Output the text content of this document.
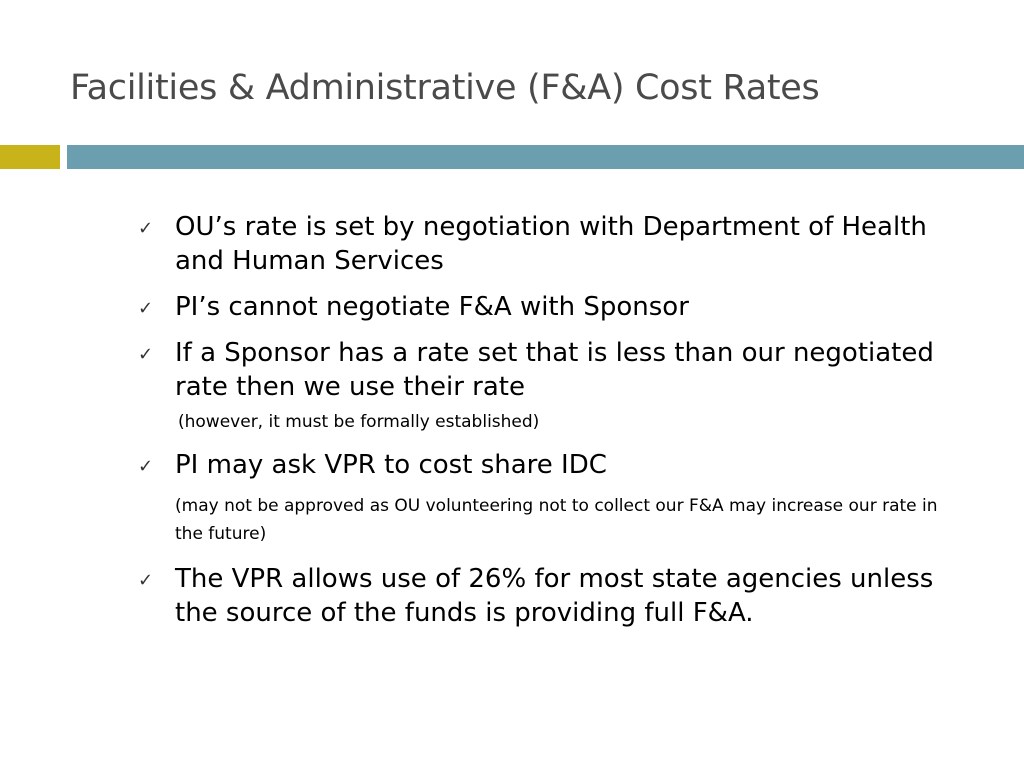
Facilities & Administrative (F&A) Cost Rates
✓ OU’s rate is set by negotiation with Department of Health and Human Services
✓ PI’s cannot negotiate F&A with Sponsor
✓ If a Sponsor has a rate set that is less than our negotiated rate then we use their rate
(however, it must be formally established)
✓ PI may ask VPR to cost share IDC
(may not be approved as OU volunteering not to collect our F&A may increase our rate in the future)
✓ The VPR allows use of 26% for most state agencies unless the source of the funds is providing full F&A.
